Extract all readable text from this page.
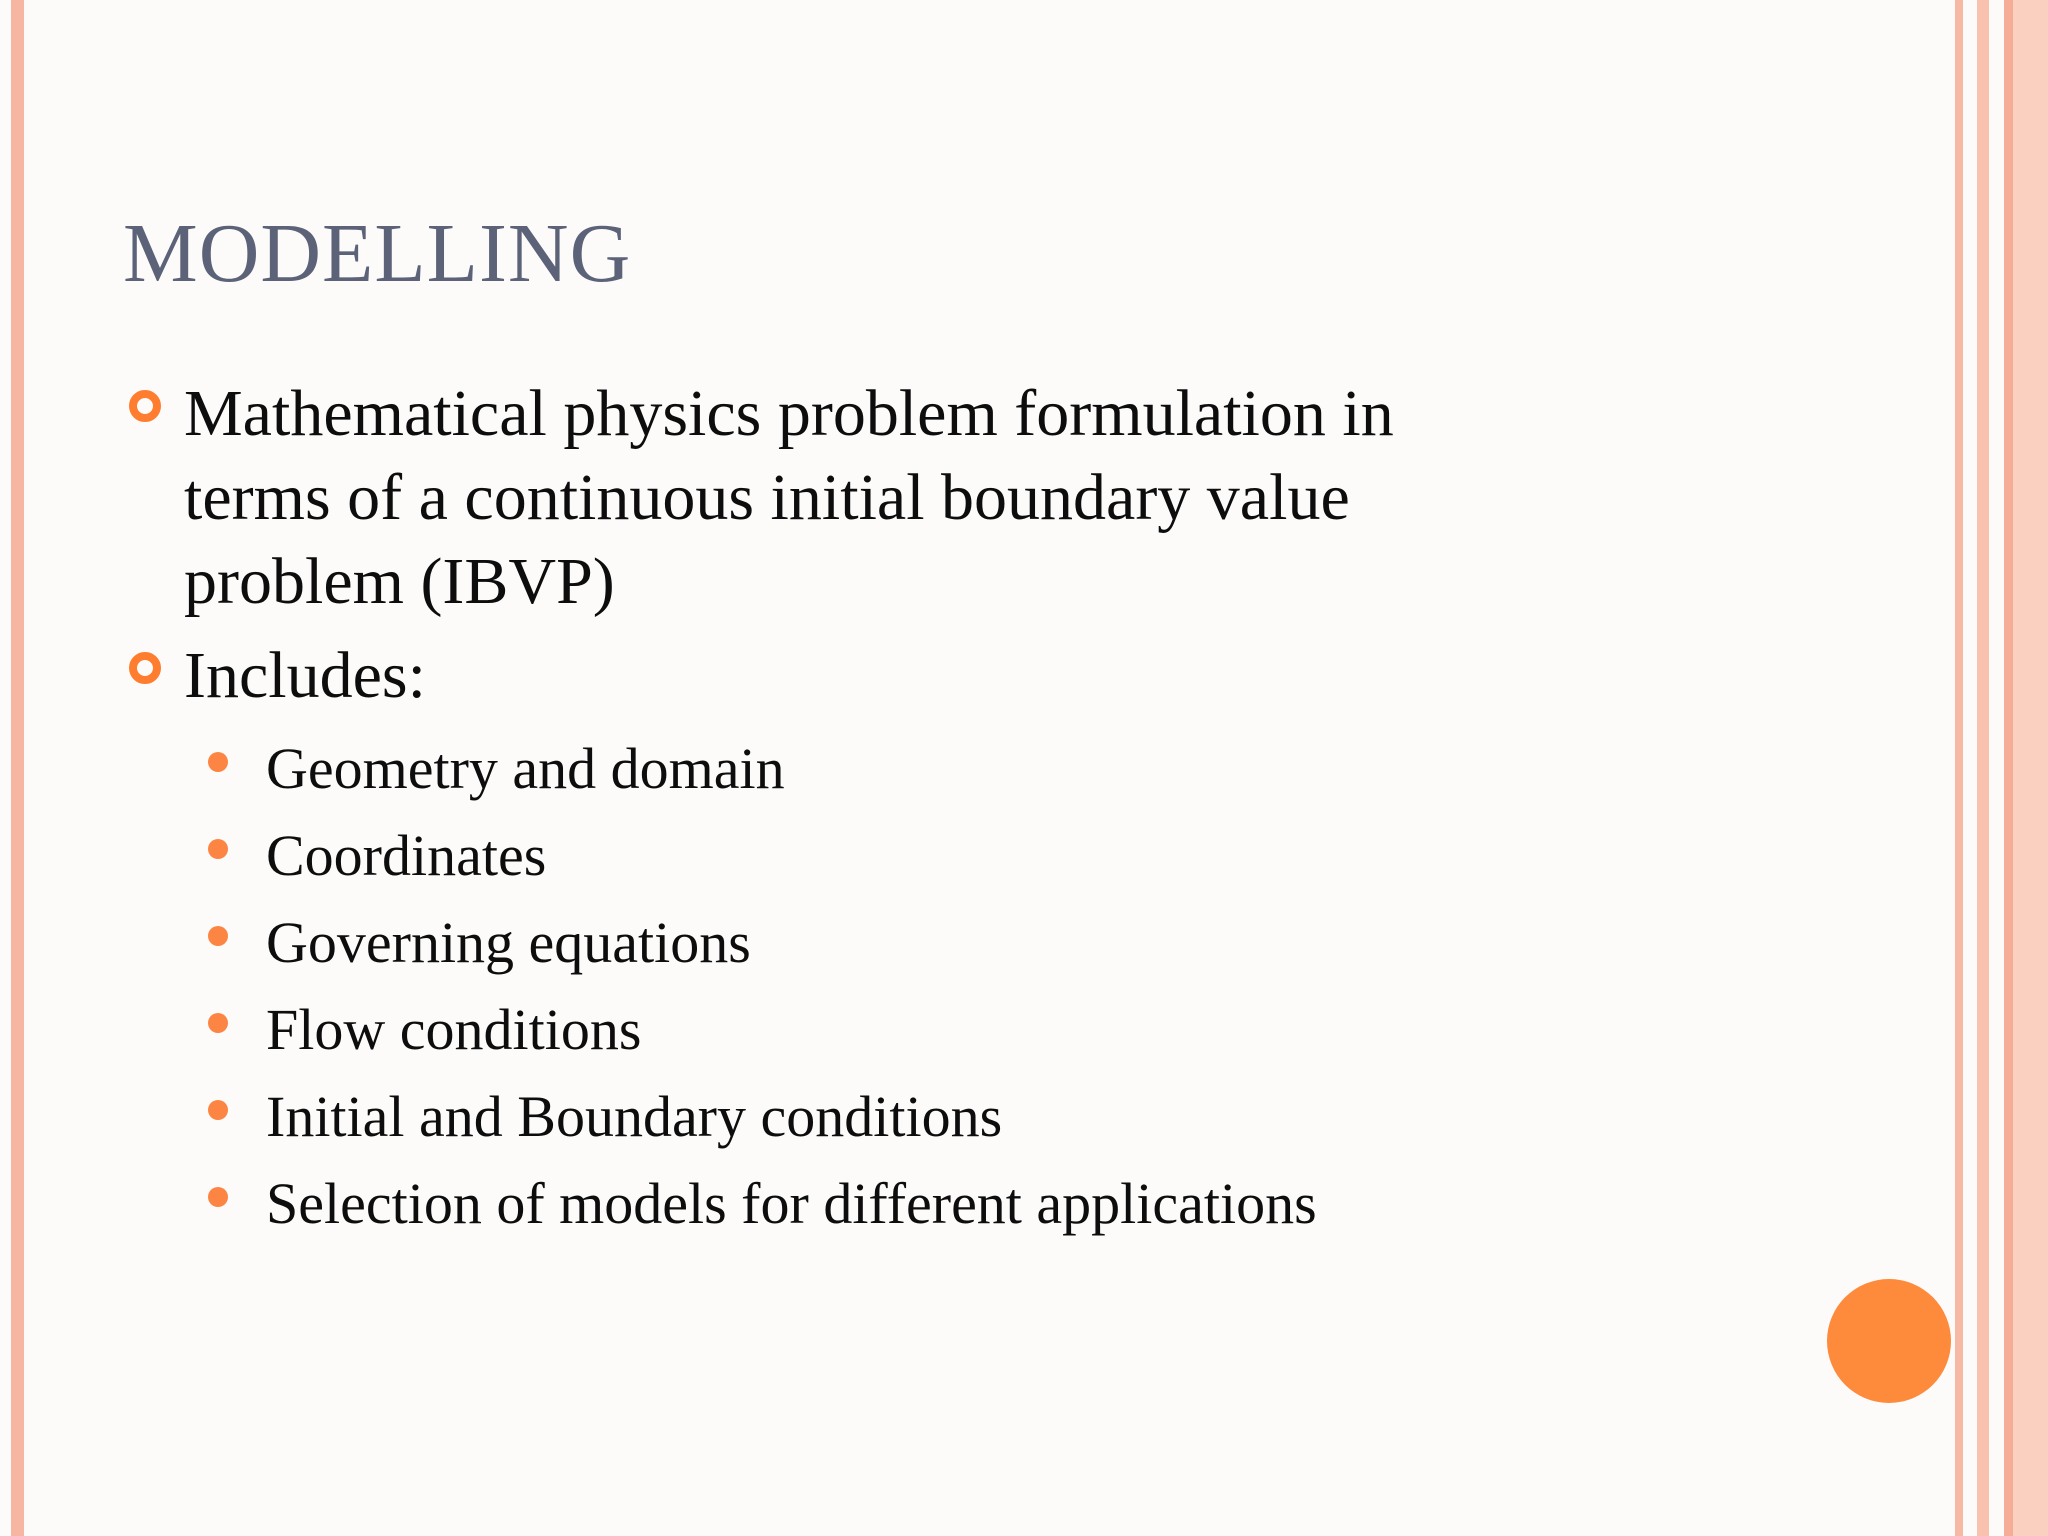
MODELLING
Mathematical physics problem formulation in
terms of a continuous initial boundary value
problem (IBVP)
Includes:
Geometry and domain
Coordinates
Governing equations
Flow conditions
Initial and Boundary conditions
Selection of models for different applications
